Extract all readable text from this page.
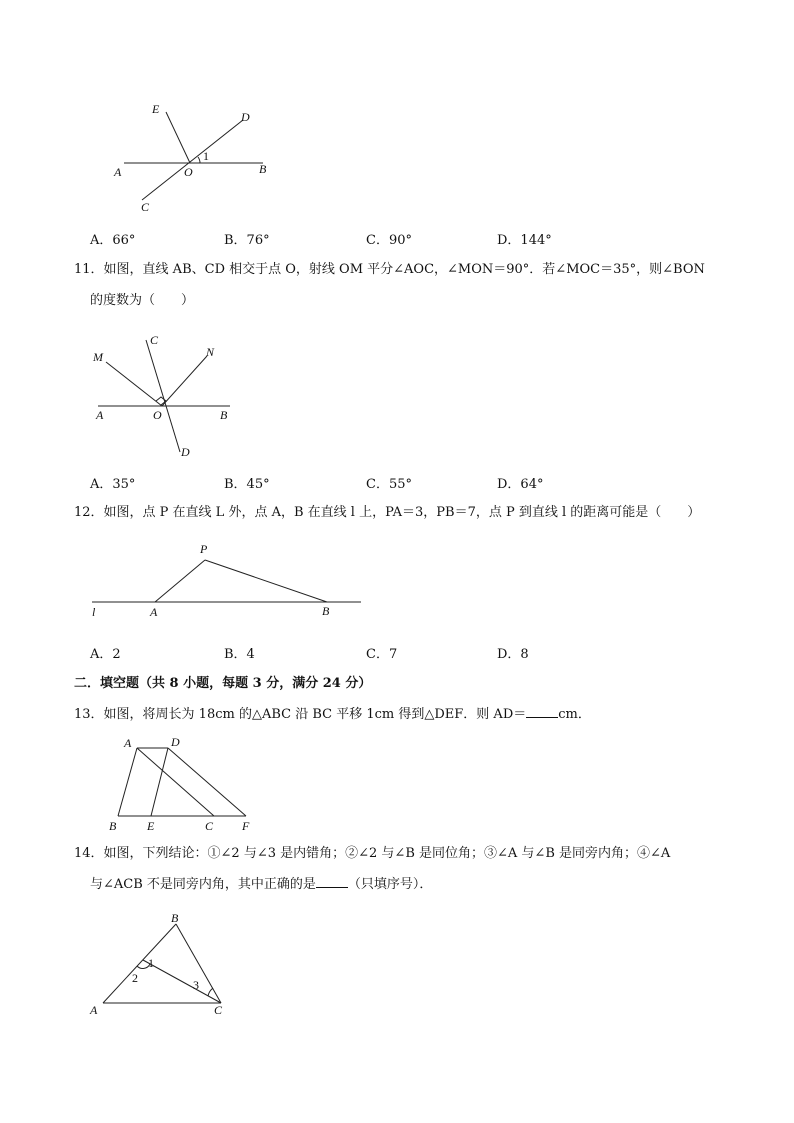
E
D
A	O
1
B
C
A．66°	B．76°	C．90°	D．144°
11．如图，直线 AB、CD 相交于点 O，射线 OM 平分∠AOC，∠MON＝90°．若∠MOC＝35°，则∠BON
的度数为（　　）
M
C
N
A	O	B
D
A．35°	B．45°	C．55°	D．64°
12．如图，点 P 在直线 L 外，点 A，B 在直线 l 上，PA＝3，PB＝7，点 P 到直线 l 的距离可能是（　　）
P
l	A	B
A．2	B．4	C．7	D．8
二．填空题（共 8 小题，每题 3 分，满分 24 分）
13．如图，将周长为 18cm 的△ABC 沿 BC 平移 1cm 得到△DEF．则 AD＝ cm．
A	D
B	E	C F
14．如图，下列结论：①∠2 与∠3 是内错角；②∠2 与∠B 是同位角；③∠A 与∠B 是同旁内角；④∠A
与∠ACB 不是同旁内角，其中正确的是 （只填序号）．
B
1
2	3
A	C
